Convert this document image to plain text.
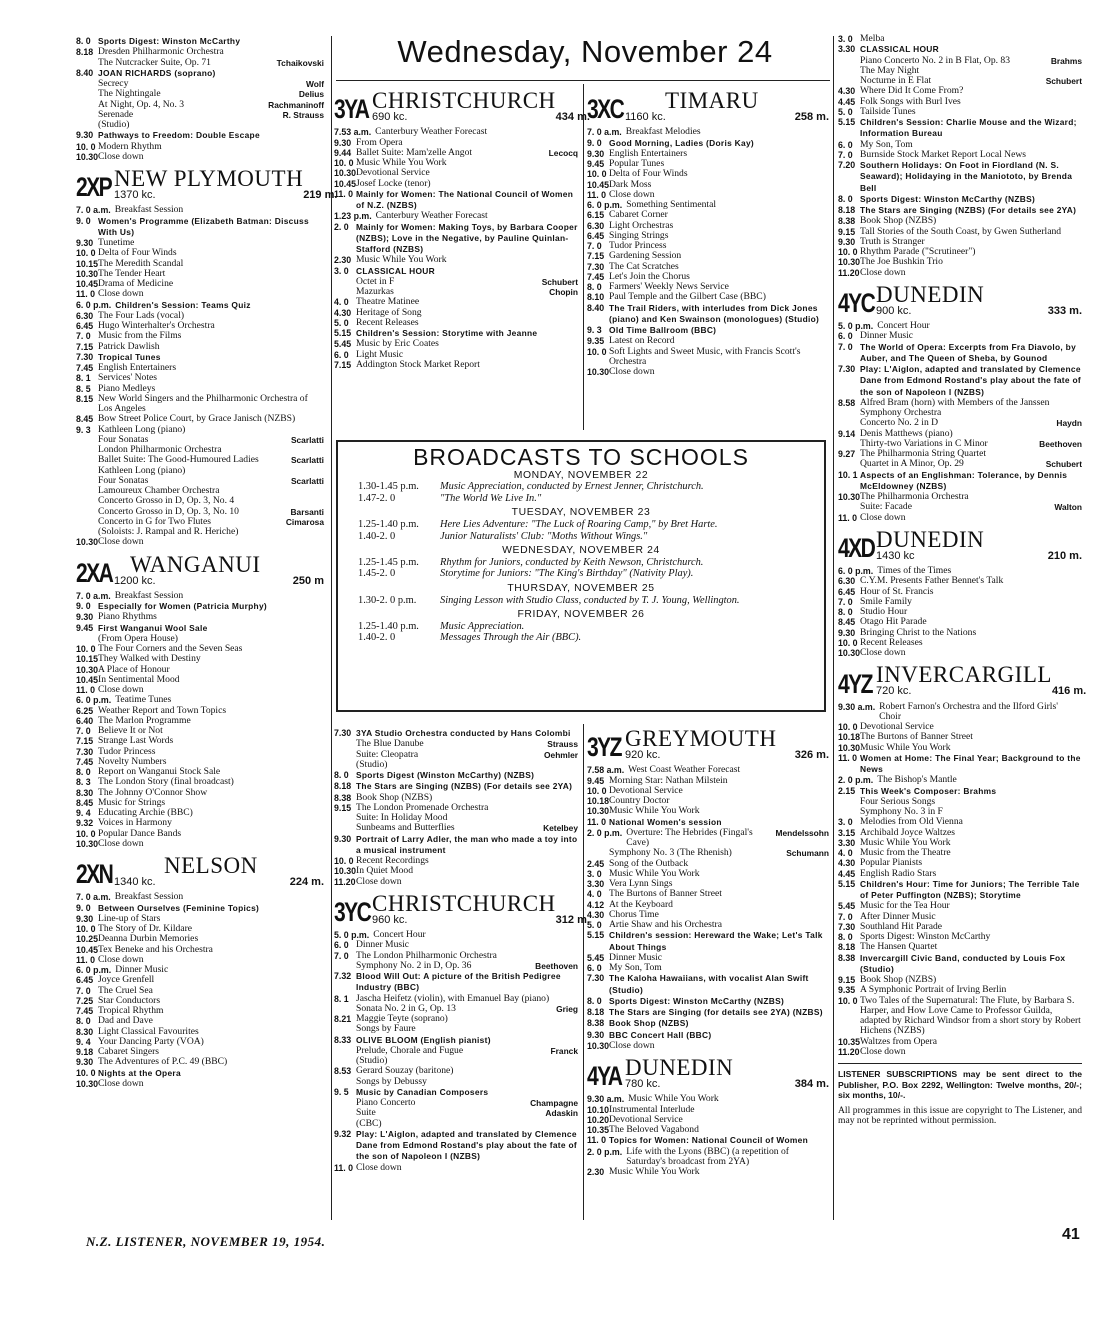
Wednesday, November 24
8. 0 Sports Digest: Winston McCarthy
8.18 Dresden Philharmonic Orchestra
Tchaikovski
The Nutcracker Suite, Op. 71
8.40 JOAN RICHARDS (soprano)
Wolf
Secrecy
Delius
The Nightingale
Rachmaninoff
At Night, Op. 4, No. 3
R. Strauss
Serenade
(Studio)
9.30 Pathways to Freedom: Double Escape
10. 0 Modern Rhythm
10.30 Close down
2XP NEW PLYMOUTH
1370 kc.	219 m.
7. 0 a.m. Breakfast Session
9. 0 Women's Programme (Elizabeth Batman: Discuss With Us)
9.30 Tunetime
10. 0 Delta of Four Winds
10.15 The Meredith Scandal
10.30 The Tender Heart
10.45 Drama of Medicine
11. 0 Close down
6. 0 p.m. Children's Session: Teams Quiz
6.30 The Four Lads (vocal)
6.45 Hugo Winterhalter's Orchestra
7. 0 Music from the Films
7.15 Patrick Dawlish
7.30 Tropical Tunes
7.45 English Entertainers
8. 1 Services' Notes
8. 5 Piano Medleys
8.15 New World Singers and the Philharmonic Orchestra of Los Angeles
8.45 Bow Street Police Court, by Grace Janisch (NZBS)
9. 3 Kathleen Long (piano)
Scarlatti
Four Sonatas
London Philharmonic Orchestra
Scarlatti
Ballet Suite: The Good-Humoured Ladies
Kathleen Long (piano)
Scarlatti
Four Sonatas
Lamoureux Chamber Orchestra
Concerto Grosso in D, Op. 3, No. 4
Barsanti
Concerto Grosso in D, Op. 3, No. 10
Cimarosa
Concerto in G for Two Flutes
(Soloists: J. Rampal and R. Heriche)
10.30 Close down
2XA WANGANUI
1200 kc.	250 m
7. 0 a.m. Breakfast Session
9. 0 Especially for Women (Patricia Murphy)
9.30 Piano Rhythms
9.45 First Wanganui Wool Sale
(From Opera House)
10. 0 The Four Corners and the Seven Seas
10.15 They Walked with Destiny
10.30 A Place of Honour
10.45 In Sentimental Mood
11. 0 Close down
6. 0 p.m. Teatime Tunes
6.25 Weather Report and Town Topics
6.40 The Marlon Programme
7. 0 Believe It or Not
7.15 Strange Last Words
7.30 Tudor Princess
7.45 Novelty Numbers
8. 0 Report on Wanganui Stock Sale
8. 3 The London Story (final broadcast)
8.30 The Johnny O'Connor Show
8.45 Music for Strings
9. 4 Educating Archie (BBC)
9.32 Voices in Harmony
10. 0 Popular Dance Bands
10.30 Close down
2XN NELSON
1340 kc.	224 m.
7. 0 a.m. Breakfast Session
9. 0 Between Ourselves (Feminine Topics)
9.30 Line-up of Stars
10. 0 The Story of Dr. Kildare
10.25 Deanna Durbin Memories
10.45 Tex Beneke and his Orchestra
11. 0 Close down
6. 0 p.m. Dinner Music
6.45 Joyce Grenfell
7. 0 The Cruel Sea
7.25 Star Conductors
7.45 Tropical Rhythm
8. 0 Dad and Dave
8.30 Light Classical Favourites
9. 4 Your Dancing Party (VOA)
9.18 Cabaret Singers
9.30 The Adventures of P.C. 49 (BBC)
10. 0 Nights at the Opera
10.30 Close down
3YA CHRISTCHURCH
690 kc.	434 m.
7.53 a.m. Canterbury Weather Forecast
9.30 From Opera
9.44	Lecocq
Ballet Suite: Mam'zelle Angot
10. 0 Music While You Work
10.30 Devotional Service
10.45 Josef Locke (tenor)
11. 0 Mainly for Women: The National Council of Women of N.Z. (NZBS)
1.23 p.m. Canterbury Weather Forecast
2. 0 Mainly for Women: Making Toys, by Barbara Cooper (NZBS); Love in the Negative, by Pauline Quinlan-Stafford (NZBS)
2.30 Music While You Work
3. 0 CLASSICAL HOUR
Schubert
Octet in F
Chopin
Mazurkas
4. 0 Theatre Matinee
4.30 Heritage of Song
5. 0 Recent Releases
5.15 Children's Session: Storytime with Jeanne
5.45 Music by Eric Coates
6. 0 Light Music
7.15 Addington Stock Market Report
3XC TIMARU
1160 kc.	258 m.
7. 0 a.m. Breakfast Melodies
9. 0 Good Morning, Ladies (Doris Kay)
9.30 English Entertainers
9.45 Popular Tunes
10. 0 Delta of Four Winds
10.45 Dark Moss
11. 0 Close down
6. 0 p.m. Something Sentimental
6.15 Cabaret Corner
6.30 Light Orchestras
6.45 Singing Strings
7. 0 Tudor Princess
7.15 Gardening Session
7.30 The Cat Scratches
7.45 Let's Join the Chorus
8. 0 Farmers' Weekly News Service
8.10 Paul Temple and the Gilbert Case (BBC)
8.40 The Trail Riders, with interludes from Dick Jones (piano) and Ken Swainson (monologues) (Studio)
9. 3 Old Time Ballroom (BBC)
9.35 Latest on Record
10. 0 Soft Lights and Sweet Music, with Francis Scott's Orchestra
10.30 Close down
BROADCASTS TO SCHOOLS
MONDAY, NOVEMBER 22
1.30-1.45 p.m.	Music Appreciation, conducted by Ernest Jenner, Christchurch.
1.47-2. 0	"The World We Live In."
TUESDAY, NOVEMBER 23
1.25-1.40 p.m.	Here Lies Adventure: "The Luck of Roaring Camp," by Bret Harte.
1.40-2. 0	Junior Naturalists' Club: "Moths Without Wings."
WEDNESDAY, NOVEMBER 24
1.25-1.45 p.m.	Rhythm for Juniors, conducted by Keith Newson, Christchurch.
1.45-2. 0	Storytime for Juniors: "The King's Birthday" (Nativity Play).
THURSDAY, NOVEMBER 25
1.30-2. 0 p.m.	Singing Lesson with Studio Class, conducted by T. J. Young, Wellington.
FRIDAY, NOVEMBER 26
1.25-1.40 p.m.	Music Appreciation.
1.40-2. 0	Messages Through the Air (BBC).
7.30 3YA Studio Orchestra conducted by Hans Colombi
Strauss
The Blue Danube
Oehmler
Suite: Cleopatra
(Studio)
8. 0 Sports Digest (Winston McCarthy) (NZBS)
8.18 The Stars are Singing (NZBS) (For details see 2YA)
8.38 Book Shop (NZBS)
9.15 The London Promenade Orchestra
Suite: In Holiday Mood
Ketelbey
Sunbeams and Butterflies
9.30 Portrait of Larry Adler, the man who made a toy into a musical instrument
10. 0 Recent Recordings
10.30 In Quiet Mood
11.20 Close down
3YC CHRISTCHURCH
960 kc.	312 m.
5. 0 p.m. Concert Hour
6. 0 Dinner Music
7. 0 The London Philharmonic Orchestra
Beethoven
Symphony No. 2 in D, Op. 36
7.32 Blood Will Out: A picture of the British Pedigree Industry (BBC)
8. 1 Jascha Heifetz (violin), with Emanuel Bay (piano)
Grieg
Sonata No. 2 in G, Op. 13
8.21 Maggie Teyte (soprano)
Songs by Faure
8.33 OLIVE BLOOM (English pianist)
Franck
Prelude, Chorale and Fugue
(Studio)
8.53 Gerard Souzay (baritone)
Songs by Debussy
9. 5 Music by Canadian Composers
Champagne
Piano Concerto
Adaskin
Suite
(CBC)
9.32 Play: L'Aiglon, adapted and translated by Clemence Dane from Edmond Rostand's play about the fate of the son of Napoleon I (NZBS)
11. 0 Close down
3YZ GREYMOUTH
920 kc.	326 m.
7.58 a.m. West Coast Weather Forecast
9.45 Morning Star: Nathan Milstein
10. 0 Devotional Service
10.18 Country Doctor
10.30 Music While You Work
11. 0 National Women's session
2. 0 p.m.	Mendelssohn
Overture: The Hebrides (Fingal's Cave)
Schumann
Symphony No. 3 (The Rhenish)
2.45 Song of the Outback
3. 0 Music While You Work
3.30 Vera Lynn Sings
4. 0 The Burtons of Banner Street
4.12 At the Keyboard
4.30 Chorus Time
5. 0 Artie Shaw and his Orchestra
5.15 Children's session: Hereward the Wake; Let's Talk About Things
5.45 Dinner Music
6. 0 My Son, Tom
7.30 The Kaloha Hawaiians, with vocalist Alan Swift (Studio)
8. 0 Sports Digest: Winston McCarthy (NZBS)
8.18 The Stars are Singing (for details see 2YA) (NZBS)
8.38 Book Shop (NZBS)
9.30 BBC Concert Hall (BBC)
10.30 Close down
4YA DUNEDIN
780 kc.	384 m.
9.30 a.m. Music While You Work
10.10 Instrumental Interlude
10.20 Devotional Service
10.35 The Beloved Vagabond
11. 0 Topics for Women: National Council of Women
2. 0 p.m. Life with the Lyons (BBC) (a repetition of Saturday's broadcast from 2YA)
2.30 Music While You Work
3. 0 Melba
3.30 CLASSICAL HOUR
Brahms
Piano Concerto No. 2 in B Flat, Op. 83
The May Night
Schubert
Nocturne in E Flat
4.30 Where Did It Come From?
4.45 Folk Songs with Burl Ives
5. 0 Tailside Tunes
5.15 Children's Session: Charlie Mouse and the Wizard; Information Bureau
6. 0 My Son, Tom
7. 0 Burnside Stock Market Report Local News
7.20 Southern Holidays: On Foot in Fiordland (N. S. Seaward); Holidaying in the Maniototo, by Brenda Bell
8. 0 Sports Digest: Winston McCarthy (NZBS)
8.18 The Stars are Singing (NZBS) (For details see 2YA)
8.38 Book Shop (NZBS)
9.15 Tall Stories of the South Coast, by Gwen Sutherland
9.30 Truth is Stranger
10. 0 Rhythm Parade ("Scrutineer")
10.30 The Joe Bushkin Trio
11.20 Close down
4YC DUNEDIN
900 kc.	333 m.
5. 0 p.m. Concert Hour
6. 0 Dinner Music
7. 0 The World of Opera: Excerpts from Fra Diavolo, by Auber, and The Queen of Sheba, by Gounod
7.30 Play: L'Aiglon, adapted and translated by Clemence Dane from Edmond Rostand's play about the fate of the son of Napoleon I (NZBS)
8.58 Alfred Bram (horn) with Members of the Janssen Symphony Orchestra
Haydn
Concerto No. 2 in D
9.14 Denis Matthews (piano)
Beethoven
Thirty-two Variations in C Minor
9.27 The Philharmonia String Quartet
Schubert
Quartet in A Minor, Op. 29
10. 1 Aspects of an Englishman: Tolerance, by Dennis McEldowney (NZBS)
10.30 The Philharmonia Orchestra
Walton
Suite: Facade
11. 0 Close down
4XD DUNEDIN
1430 kc	210 m.
6. 0 p.m. Times of the Times
6.30 C.Y.M. Presents Father Bennet's Talk
6.45 Hour of St. Francis
7. 0 Smile Family
8. 0 Studio Hour
8.45 Otago Hit Parade
9.30 Bringing Christ to the Nations
10. 0 Recent Releases
10.30 Close down
4YZ INVERCARGILL
720 kc.	416 m.
9.30 a.m. Robert Farnon's Orchestra and the Ilford Girls' Choir
10. 0 Devotional Service
10.18 The Burtons of Banner Street
10.30 Music While You Work
11. 0 Women at Home: The Final Year; Background to the News
2. 0 p.m. The Bishop's Mantle
2.15 This Week's Composer: Brahms
Four Serious Songs
Symphony No. 3 in F
3. 0 Melodies from Old Vienna
3.15 Archibald Joyce Waltzes
3.30 Music While You Work
4. 0 Music from the Theatre
4.30 Popular Pianists
4.45 English Radio Stars
5.15 Children's Hour: Time for Juniors; The Terrible Tale of Peter Puffington (NZBS); Storytime
5.45 Music for the Tea Hour
7. 0 After Dinner Music
7.30 Southland Hit Parade
8. 0 Sports Digest: Winston McCarthy
8.18 The Hansen Quartet
8.38 Invercargill Civic Band, conducted by Louis Fox (Studio)
9.15 Book Shop (NZBS)
9.35 A Symphonic Portrait of Irving Berlin
10. 0 Two Tales of the Supernatural: The Flute, by Barbara S. Harper, and How Love Came to Professor Guilda, adapted by Richard Windsor from a short story by Robert Hichens (NZBS)
10.35 Waltzes from Opera
11.20 Close down
LISTENER SUBSCRIPTIONS may be sent direct to the Publisher, P.O. Box 2292, Wellington: Twelve months, 20/-; six months, 10/-.
All programmes in this issue are copyright to The Listener, and may not be reprinted without permission.
N.Z. LISTENER, NOVEMBER 19, 1954.	41
